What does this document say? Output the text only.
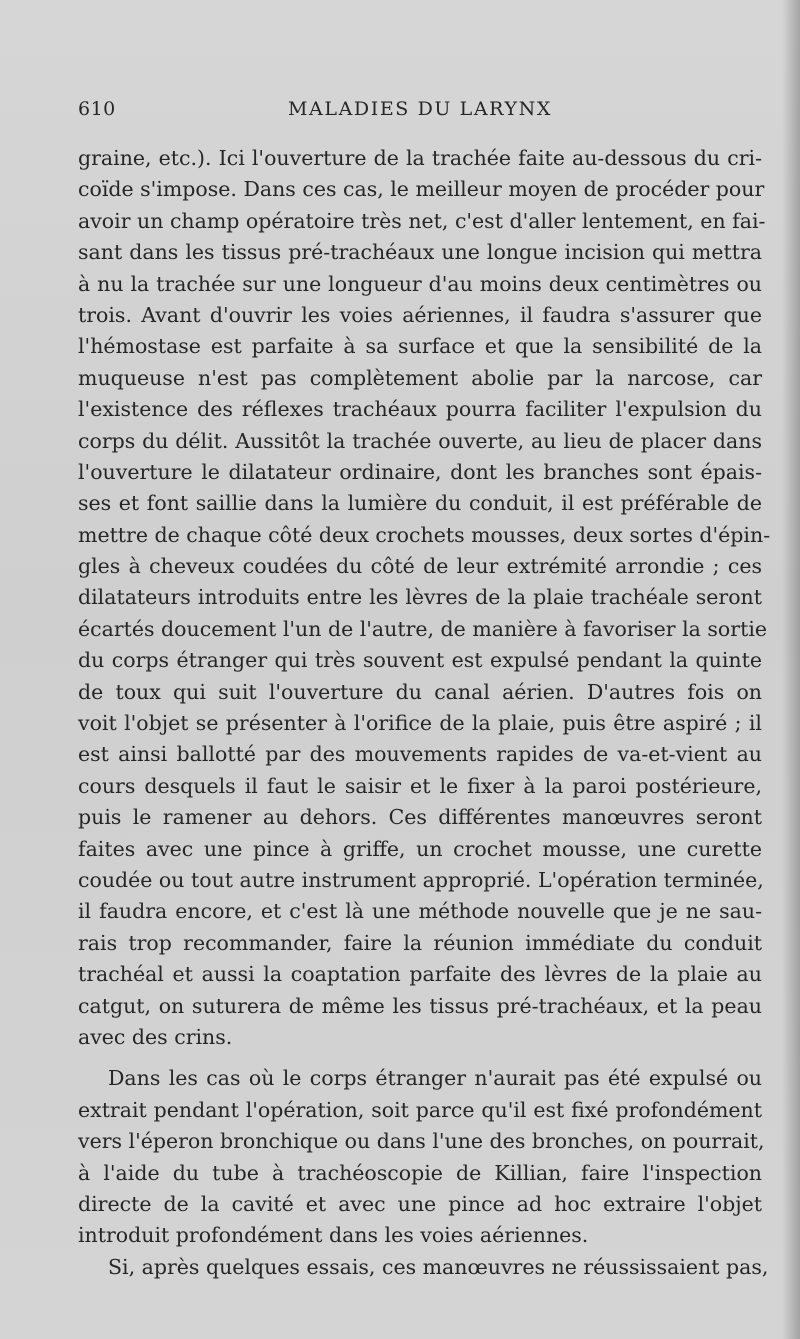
610	MALADIES DU LARYNX
graine, etc.). Ici l'ouverture de la trachée faite au-dessous du cri-
coïde s'impose. Dans ces cas, le meilleur moyen de procéder pour
avoir un champ opératoire très net, c'est d'aller lentement, en fai-
sant dans les tissus pré-trachéaux une longue incision qui mettra
à nu la trachée sur une longueur d'au moins deux centimètres ou
trois. Avant d'ouvrir les voies aériennes, il faudra s'assurer que
l'hémostase est parfaite à sa surface et que la sensibilité de la
muqueuse n'est pas complètement abolie par la narcose, car
l'existence des réflexes trachéaux pourra faciliter l'expulsion du
corps du délit. Aussitôt la trachée ouverte, au lieu de placer dans
l'ouverture le dilatateur ordinaire, dont les branches sont épais-
ses et font saillie dans la lumière du conduit, il est préférable de
mettre de chaque côté deux crochets mousses, deux sortes d'épin-
gles à cheveux coudées du côté de leur extrémité arrondie ; ces
dilatateurs introduits entre les lèvres de la plaie trachéale seront
écartés doucement l'un de l'autre, de manière à favoriser la sortie
du corps étranger qui très souvent est expulsé pendant la quinte
de toux qui suit l'ouverture du canal aérien. D'autres fois on
voit l'objet se présenter à l'orifice de la plaie, puis être aspiré ; il
est ainsi ballotté par des mouvements rapides de va-et-vient au
cours desquels il faut le saisir et le fixer à la paroi postérieure,
puis le ramener au dehors. Ces différentes manœuvres seront
faites avec une pince à griffe, un crochet mousse, une curette
coudée ou tout autre instrument approprié. L'opération terminée,
il faudra encore, et c'est là une méthode nouvelle que je ne sau-
rais trop recommander, faire la réunion immédiate du conduit
trachéal et aussi la coaptation parfaite des lèvres de la plaie au
catgut, on suturera de même les tissus pré-trachéaux, et la peau
avec des crins.
Dans les cas où le corps étranger n'aurait pas été expulsé ou
extrait pendant l'opération, soit parce qu'il est fixé profondément
vers l'éperon bronchique ou dans l'une des bronches, on pourrait,
à l'aide du tube à trachéoscopie de Killian, faire l'inspection
directe de la cavité et avec une pince ad hoc extraire l'objet
introduit profondément dans les voies aériennes.
Si, après quelques essais, ces manœuvres ne réussissaient pas,
